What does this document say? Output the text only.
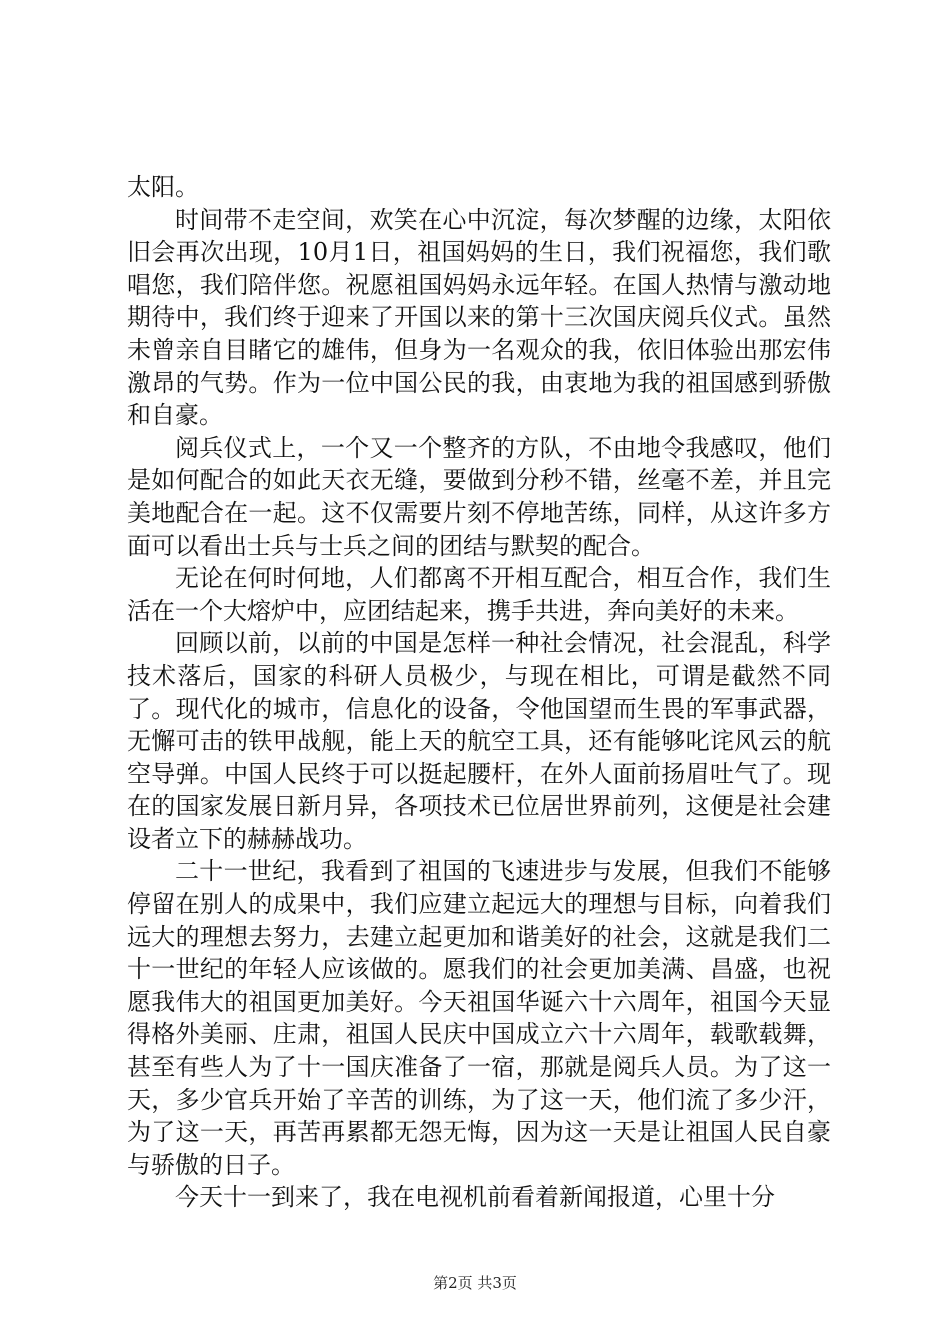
太阳。

时间带不走空间，欢笑在心中沉淀，每次梦醒的边缘，太阳依旧会再次出现，10月1日，祖国妈妈的生日，我们祝福您，我们歌唱您，我们陪伴您。祝愿祖国妈妈永远年轻。在国人热情与激动地期待中，我们终于迎来了开国以来的第十三次国庆阅兵仪式。虽然未曾亲自目睹它的雄伟，但身为一名观众的我，依旧体验出那宏伟激昂的气势。作为一位中国公民的我，由衷地为我的祖国感到骄傲和自豪。

阅兵仪式上，一个又一个整齐的方队，不由地令我感叹，他们是如何配合的如此天衣无缝，要做到分秒不错，丝毫不差，并且完美地配合在一起。这不仅需要片刻不停地苦练，同样，从这许多方面可以看出士兵与士兵之间的团结与默契的配合。

无论在何时何地，人们都离不开相互配合，相互合作，我们生活在一个大熔炉中，应团结起来，携手共进，奔向美好的未来。

回顾以前，以前的中国是怎样一种社会情况，社会混乱，科学技术落后，国家的科研人员极少，与现在相比，可谓是截然不同了。现代化的城市，信息化的设备，令他国望而生畏的军事武器，无懈可击的铁甲战舰，能上天的航空工具，还有能够叱诧风云的航空导弹。中国人民终于可以挺起腰杆，在外人面前扬眉吐气了。现在的国家发展日新月异，各项技术已位居世界前列，这便是社会建设者立下的赫赫战功。

二十一世纪，我看到了祖国的飞速进步与发展，但我们不能够停留在别人的成果中，我们应建立起远大的理想与目标，向着我们远大的理想去努力，去建立起更加和谐美好的社会，这就是我们二十一世纪的年轻人应该做的。愿我们的社会更加美满、昌盛，也祝愿我伟大的祖国更加美好。今天祖国华诞六十六周年，祖国今天显得格外美丽、庄肃，祖国人民庆中国成立六十六周年，载歌载舞，甚至有些人为了十一国庆准备了一宿，那就是阅兵人员。为了这一天，多少官兵开始了辛苦的训练，为了这一天，他们流了多少汗，为了这一天，再苦再累都无怨无悔，因为这一天是让祖国人民自豪与骄傲的日子。

今天十一到来了，我在电视机前看着新闻报道，心里十分

第2页 共3页
